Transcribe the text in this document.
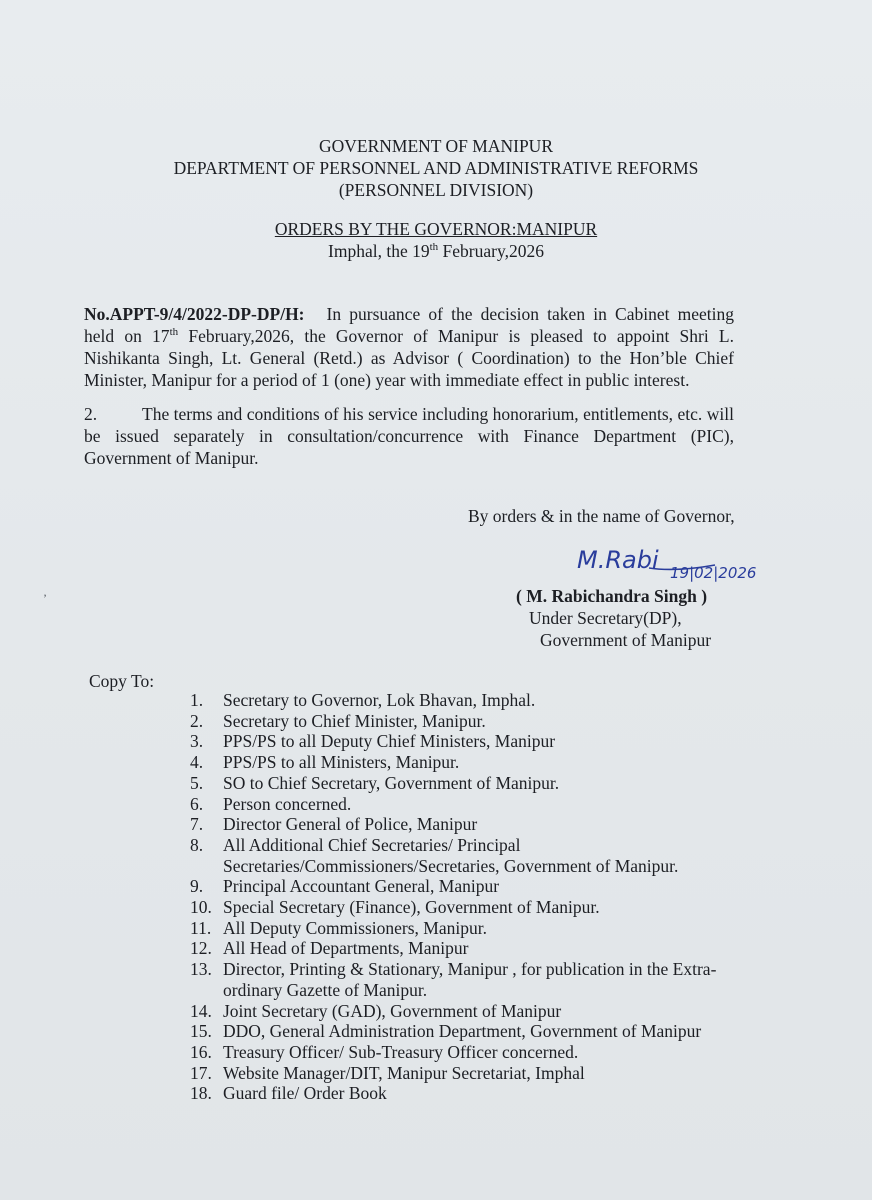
GOVERNMENT OF MANIPUR
DEPARTMENT OF PERSONNEL AND ADMINISTRATIVE REFORMS
(PERSONNEL DIVISION)
ORDERS BY THE GOVERNOR:MANIPUR
Imphal, the 19th February,2026
No.APPT-9/4/2022-DP-DP/H: In pursuance of the decision taken in Cabinet meeting held on 17th February,2026, the Governor of Manipur is pleased to appoint Shri L. Nishikanta Singh, Lt. General (Retd.) as Advisor ( Coordination) to the Hon’ble Chief Minister, Manipur for a period of 1 (one) year with immediate effect in public interest.
2.	The terms and conditions of his service including honorarium, entitlements, etc. will be issued separately in consultation/concurrence with Finance Department (PIC), Government of Manipur.
By orders & in the name of Governor,
M.Rabi 19|02|2026
( M. Rabichandra Singh )
Under Secretary(DP),
Government of Manipur
’
Copy To:
1. Secretary to Governor, Lok Bhavan, Imphal.
2. Secretary to Chief Minister, Manipur.
3. PPS/PS to all Deputy Chief Ministers, Manipur
4. PPS/PS to all Ministers, Manipur.
5. SO to Chief Secretary, Government of Manipur.
6. Person concerned.
7. Director General of Police, Manipur
8. All Additional Chief Secretaries/ Principal Secretaries/Commissioners/Secretaries, Government of Manipur.
9. Principal Accountant General, Manipur
10. Special Secretary (Finance), Government of Manipur.
11. All Deputy Commissioners, Manipur.
12. All Head of Departments, Manipur
13. Director, Printing & Stationary, Manipur , for publication in the Extra-ordinary Gazette of Manipur.
14. Joint Secretary (GAD), Government of Manipur
15. DDO, General Administration Department, Government of Manipur
16. Treasury Officer/ Sub-Treasury Officer concerned.
17. Website Manager/DIT, Manipur Secretariat, Imphal
18. Guard file/ Order Book
